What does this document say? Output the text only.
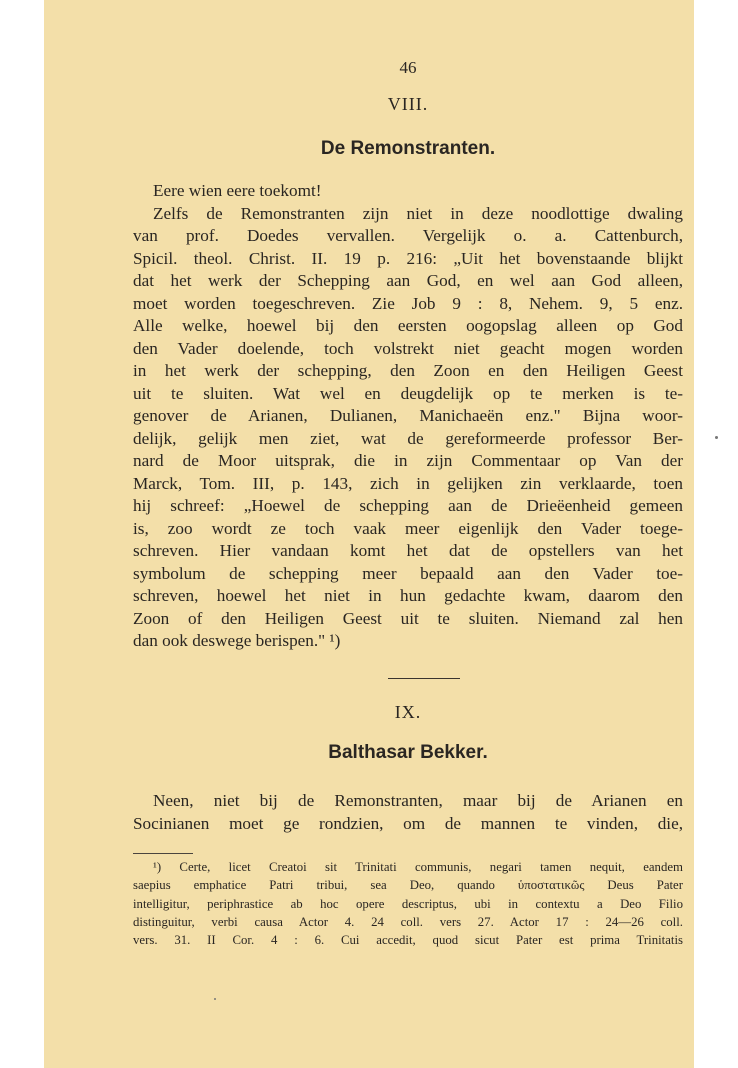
46
VIII.
De Remonstranten.
Eere wien eere toekomt!
Zelfs de Remonstranten zijn niet in deze noodlottige dwaling
van prof. Doedes vervallen. Vergelijk o. a. Cattenburch,
Spicil. theol. Christ. II. 19 p. 216: „Uit het bovenstaande blijkt
dat het werk der Schepping aan God, en wel aan God alleen,
moet worden toegeschreven. Zie Job 9 : 8, Nehem. 9, 5 enz.
Alle welke, hoewel bij den eersten oogopslag alleen op God
den Vader doelende, toch volstrekt niet geacht mogen worden
in het werk der schepping, den Zoon en den Heiligen Geest
uit te sluiten. Wat wel en deugdelijk op te merken is te-
genover de Arianen, Dulianen, Manichaeën enz." Bijna woor-
delijk, gelijk men ziet, wat de gereformeerde professor Ber-
nard de Moor uitsprak, die in zijn Commentaar op Van der
Marck, Tom. III, p. 143, zich in gelijken zin verklaarde, toen
hij schreef: „Hoewel de schepping aan de Drieëenheid gemeen
is, zoo wordt ze toch vaak meer eigenlijk den Vader toege-
schreven. Hier vandaan komt het dat de opstellers van het
symbolum de schepping meer bepaald aan den Vader toe-
schreven, hoewel het niet in hun gedachte kwam, daarom den
Zoon of den Heiligen Geest uit te sluiten. Niemand zal hen
dan ook deswege berispen." ¹)
IX.
Balthasar Bekker.
Neen, niet bij de Remonstranten, maar bij de Arianen en
Socinianen moet ge rondzien, om de mannen te vinden, die,
¹) Certe, licet Creatoi sit Trinitati communis, negari tamen nequit, eandem
saepius emphatice Patri tribui, sea Deo, quando ὑποστατικῶς Deus Pater
intelligitur, periphrastice ab hoc opere descriptus, ubi in contextu a Deo Filio
distinguitur, verbi causa Actor 4. 24 coll. vers 27. Actor 17 : 24—26 coll.
vers. 31. II Cor. 4 : 6. Cui accedit, quod sicut Pater est prima Trinitatis
